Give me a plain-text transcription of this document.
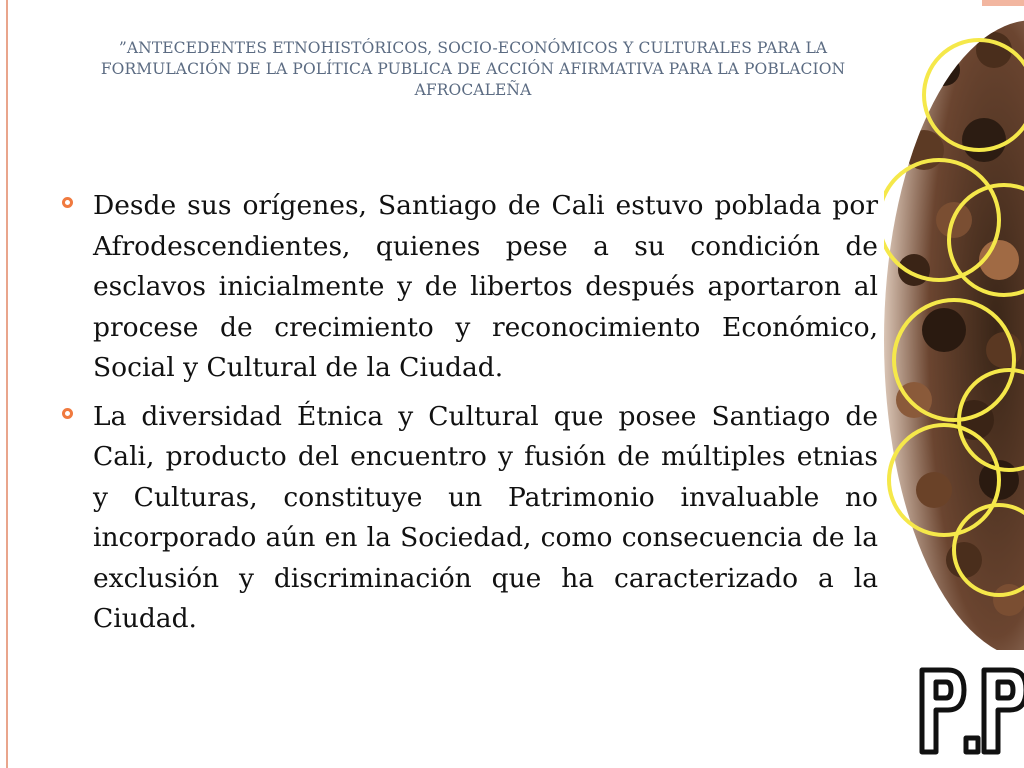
”ANTECEDENTES ETNOHISTÓRICOS, SOCIO-ECONÓMICOS Y CULTURALES PARA LA FORMULACIÓN DE LA POLÍTICA PUBLICA DE ACCIÓN AFIRMATIVA PARA LA POBLACION AFROCALEÑA
Desde sus orígenes, Santiago de Cali estuvo poblada por Afrodescendientes, quienes pese a su condición de esclavos inicialmente y de libertos después aportaron al procese de crecimiento y reconocimiento Económico, Social y Cultural de la Ciudad.
La diversidad Étnica y Cultural que posee Santiago de Cali, producto del encuentro y fusión de múltiples etnias y Culturas, constituye un Patrimonio invaluable no incorporado aún en la Sociedad, como consecuencia de la exclusión y discriminación que ha caracterizado a la Ciudad.
